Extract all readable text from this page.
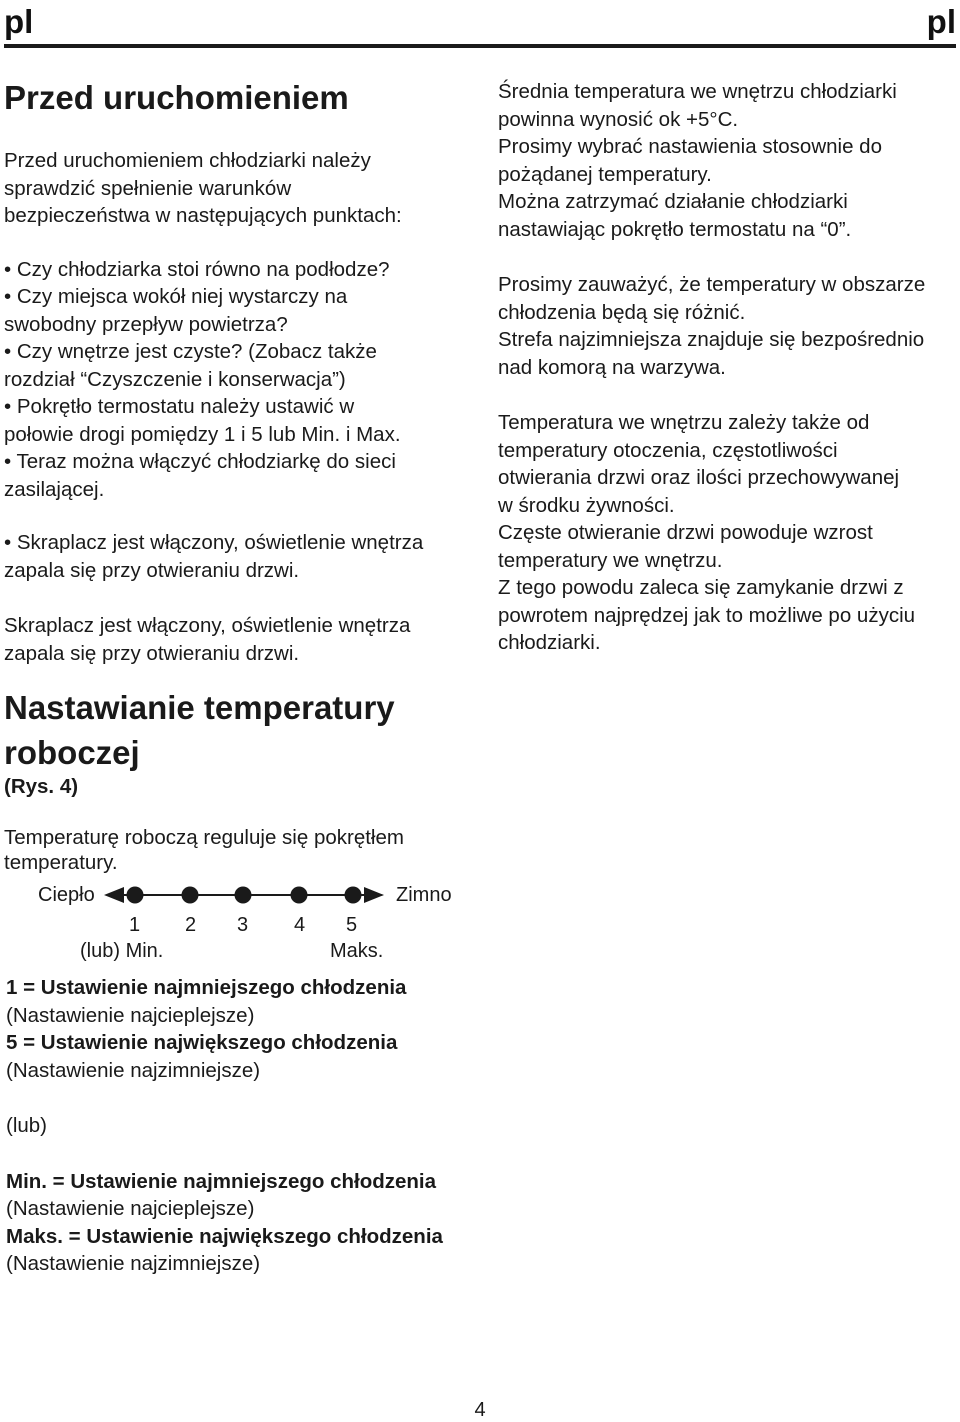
pl	pl
Przed uruchomieniem

Przed uruchomieniem chłodziarki należy

sprawdzić spełnienie warunków

bezpieczeństwa w następujących punktach:

• Czy chłodziarka stoi równo na podłodze?

• Czy miejsca wokół niej wystarczy na

swobodny przepływ powietrza?

• Czy wnętrze jest czyste? (Zobacz także

rozdział “Czyszczenie i konserwacja”)

• Pokrętło termostatu należy ustawić w

połowie drogi pomiędzy 1 i 5 lub Min. i Max.

• Teraz można włączyć chłodziarkę do sieci

zasilającej.

• Skraplacz jest włączony, oświetlenie wnętrza

zapala się przy otwieraniu drzwi.

Skraplacz jest włączony, oświetlenie wnętrza

zapala się przy otwieraniu drzwi.

Nastawianie temperatury
roboczej

(Rys. 4)

Temperaturę roboczą reguluje się pokrętłem

temperatury.

Ciepło	Zimno
1 2 3 4 5
(lub) Min.	Maks.

1 = Ustawienie najmniejszego chłodzenia

(Nastawienie najcieplejsze)

5 = Ustawienie największego chłodzenia

(Nastawienie najzimniejsze)

(lub)

Min. = Ustawienie najmniejszego chłodzenia

(Nastawienie najcieplejsze)

Maks. = Ustawienie największego chłodzenia

(Nastawienie najzimniejsze)

Średnia temperatura we wnętrzu chłodziarki

powinna wynosić ok +5°C.

Prosimy wybrać nastawienia stosownie do

pożądanej temperatury.

Można zatrzymać działanie chłodziarki

nastawiając pokrętło termostatu na “0”.

Prosimy zauważyć, że temperatury w obszarze

chłodzenia będą się różnić.

Strefa najzimniejsza znajduje się bezpośrednio

nad komorą na warzywa.

Temperatura we wnętrzu zależy także od

temperatury otoczenia, częstotliwości

otwierania drzwi oraz ilości przechowywanej

w środku żywności.

Częste otwieranie drzwi powoduje wzrost

temperatury we wnętrzu.

Z tego powodu zaleca się zamykanie drzwi z

powrotem najprędzej jak to możliwe po użyciu

chłodziarki.

4
